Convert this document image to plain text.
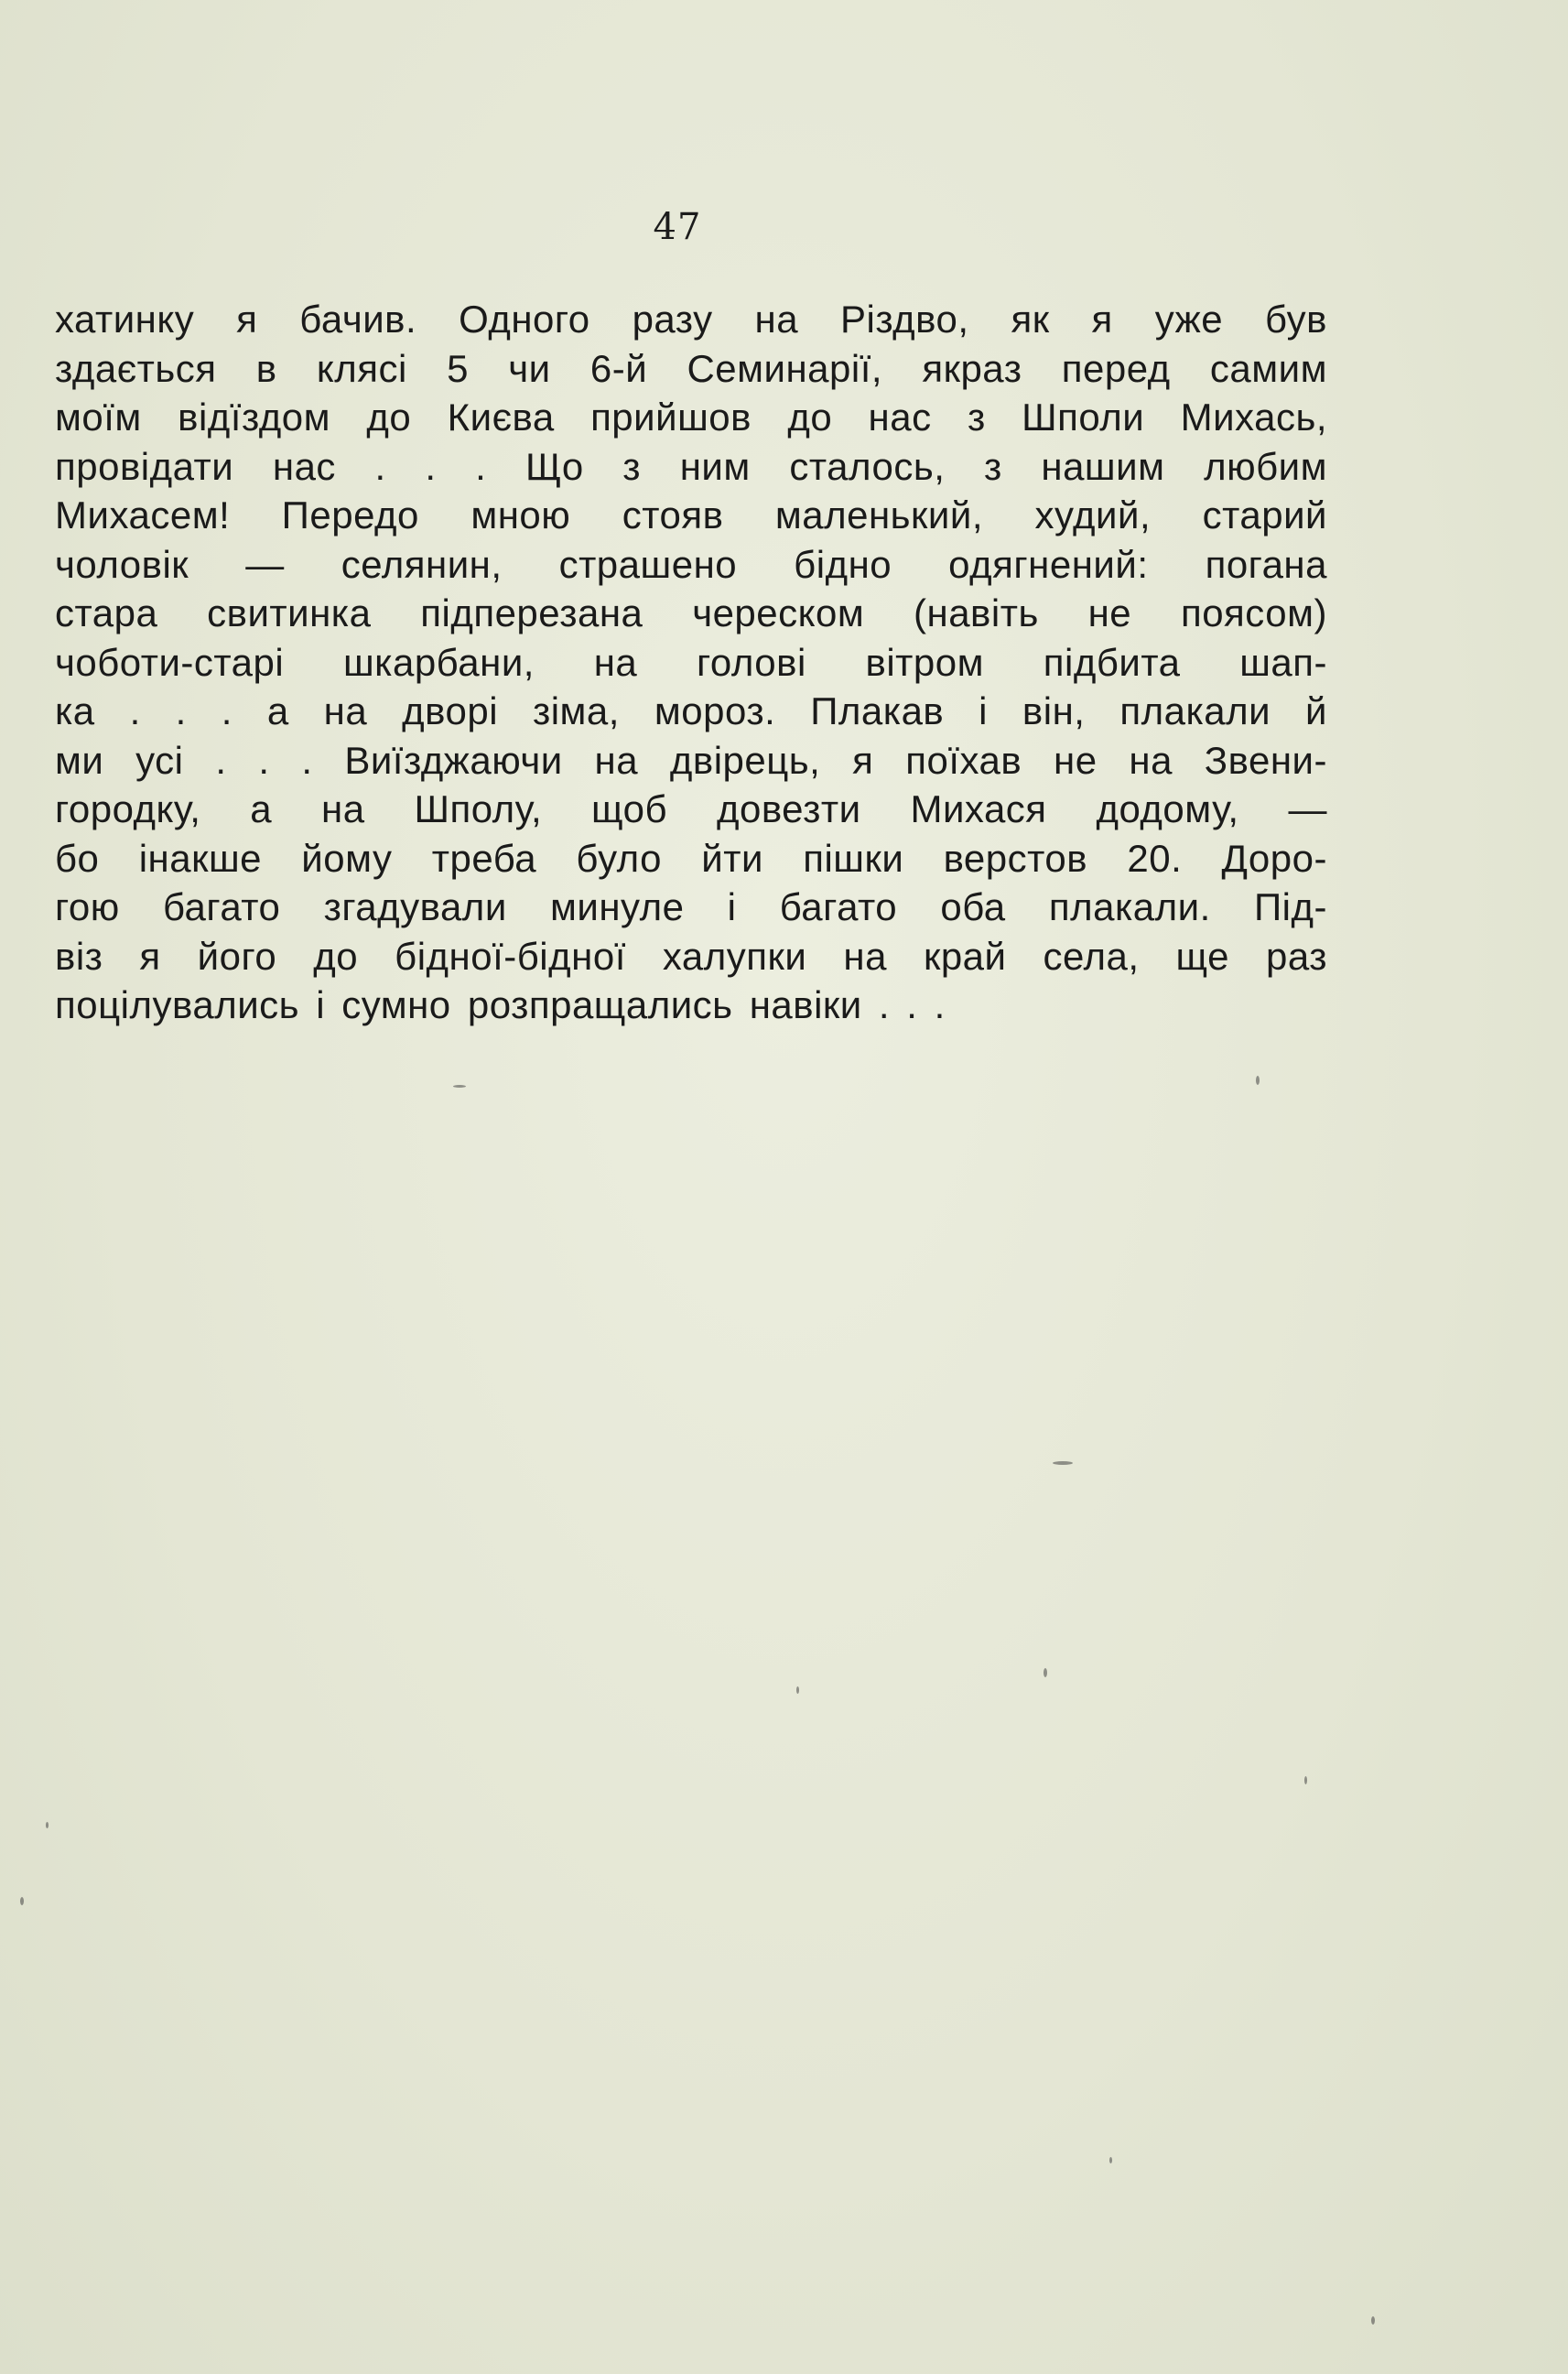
47
хатинку я бачив. Одного разу на Різдво, як я уже був
здається в клясі 5 чи 6-й Семинарії, якраз перед самим
моїм відїздом до Києва прийшов до нас з Шполи Михась,
провідати нас . . . Що з ним сталось, з нашим любим
Михасем! Передо мною стояв маленький, худий, старий
чоловік — селянин, страшено бідно одягнений: погана
стара свитинка підперезана череском (навіть не поясом)
чоботи-старі шкарбани, на голові вітром підбита шап-
ка . . . а на дворі зіма, мороз. Плакав і він, плакали й
ми усі . . . Виїзджаючи на двірець, я поїхав не на Звени-
городку, а на Шполу, щоб довезти Михася додому, —
бо інакше йому треба було йти пішки верстов 20. Доро-
гою багато згадували минуле і багато оба плакали. Під-
віз я його до бідної-бідної халупки на край села, ще раз
поцілувались і сумно розпращались навіки . . .
